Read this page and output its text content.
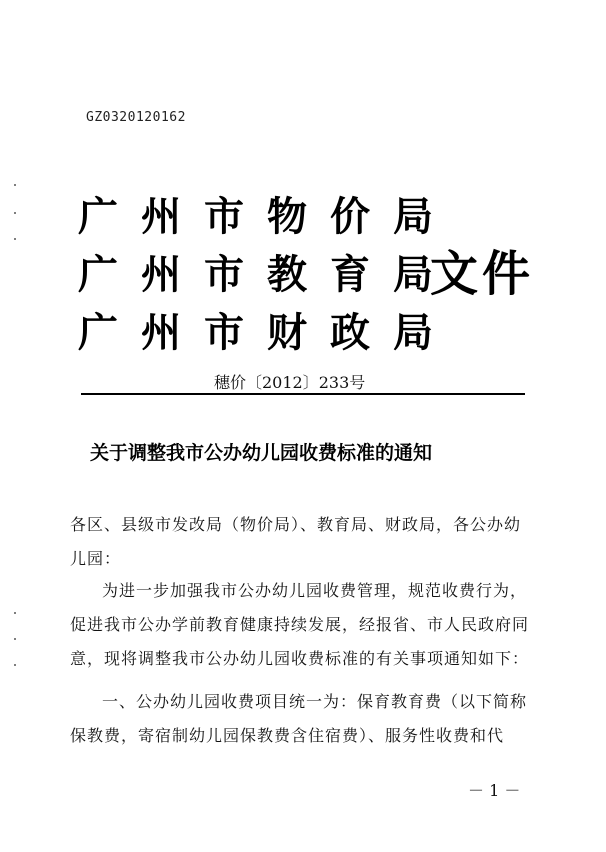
GZ0320120162
广州市物价局
广州市教育局
广州市财政局
文件
穗价〔2012〕233号
关于调整我市公办幼儿园收费标准的通知
各区、县级市发改局（物价局）、教育局、财政局，各公办幼儿园：
为进一步加强我市公办幼儿园收费管理，规范收费行为，促进我市公办学前教育健康持续发展，经报省、市人民政府同意，现将调整我市公办幼儿园收费标准的有关事项通知如下：
一、公办幼儿园收费项目统一为：保育教育费（以下简称保教费，寄宿制幼儿园保教费含住宿费）、服务性收费和代
－ 1 －
